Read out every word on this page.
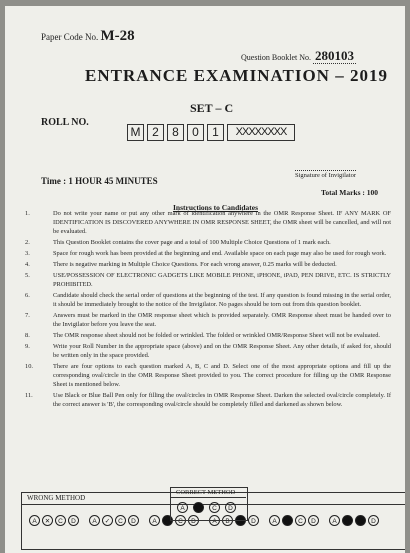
Paper Code No. M-28
Question Booklet No. 280103
ENTRANCE EXAMINATION – 2019
SET – C
ROLL NO.
M 2	8	0	1	XXXXXXXX
Signature of Invigilator
Time : 1 HOUR 45 MINUTES
Total Marks : 100
Instructions to Candidates
1.	Do not write your name or put any other mark of identification anywhere in the OMR Response Sheet. IF ANY MARK OF IDENTIFICATION IS DISCOVERED ANYWHERE IN OMR RESPONSE SHEET, the OMR sheet will be cancelled, and will not be evaluated.
2.	This Question Booklet contains the cover page and a total of 100 Multiple Choice Questions of 1 mark each.
3.	Space for rough work has been provided at the beginning and end. Available space on each page may also be used for rough work.
4.	There is negative marking in Multiple Choice Questions. For each wrong answer, 0.25 marks will be deducted.
5.	USE/POSSESSION OF ELECTRONIC GADGETS LIKE MOBILE PHONE, iPHONE, iPAD, PEN DRIVE, ETC. IS STRICTLY PROHIBITED.
6.	Candidate should check the serial order of questions at the beginning of the test. If any question is found missing in the serial order, it should be immediately brought to the notice of the Invigilator. No pages should be torn out from this question booklet.
7.	Answers must be marked in the OMR response sheet which is provided separately. OMR Response sheet must be handed over to the Invigilator before you leave the seat.
8.	The OMR response sheet should not be folded or wrinkled. The folded or wrinkled OMR/Response Sheet will not be evaluated.
9.	Write your Roll Number in the appropriate space (above) and on the OMR Response Sheet. Any other details, if asked for, should be written only in the space provided.
10.	There are four options to each question marked A, B, C and D. Select one of the most appropriate options and fill up the corresponding oval/circle in the OMR Response Sheet provided to you. The correct procedure for filling up the OMR Response Sheet is mentioned below.
11.	Use Black or Blue Ball Pen only for filling the oval/circles in OMR Response Sheet. Darken the selected oval/circle completely. If the correct answer is 'B', the corresponding oval/circle should be completely filled and darkened as shown below.
WRONG METHOD
A	✕	C	D	A	✓	C	D	A	B	C	D	A	B	C	D	A	B	C	D	A	B	C	D
CORRECT METHOD
A	B	C	D
